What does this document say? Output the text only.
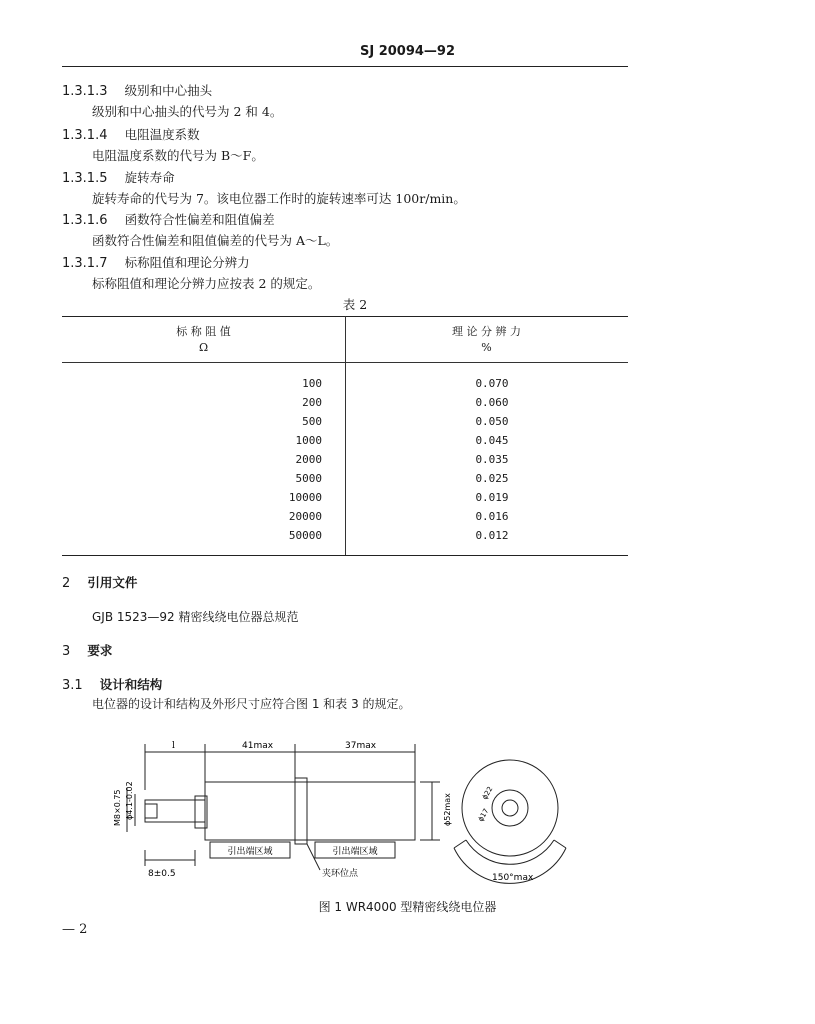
SJ 20094—92
1.3.1.3 级别和中心抽头
级别和中心抽头的代号为 2 和 4。
1.3.1.4 电阻温度系数
电阻温度系数的代号为 B～F。
1.3.1.5 旋转寿命
旋转寿命的代号为 7。该电位器工作时的旋转速率可达 100r/min。
1.3.1.6 函数符合性偏差和阻值偏差
函数符合性偏差和阻值偏差的代号为 A～L。
1.3.1.7 标称阻值和理论分辨力
标称阻值和理论分辨力应按表 2 的规定。
表 2
标 称 阻 值
Ω
理 论 分 辨 力
%
100	0.070
200	0.060
500	0.050
1000	0.045
2000	0.035
5000	0.025
10000	0.019
20000	0.016
50000	0.012
2 引用文件
GJB 1523—92 精密线绕电位器总规范
3 要求
3.1 设计和结构
电位器的设计和结构及外形尺寸应符合图 1 和表 3 的规定。
l	41max	37max
M8×0.75 ϕ4.1-0.02
8±0.5
ϕ52max
引出端区域	引出端区域
夹环位点
ϕ22
ϕ17
150°max
图 1 WR4000 型精密线绕电位器
— 2
